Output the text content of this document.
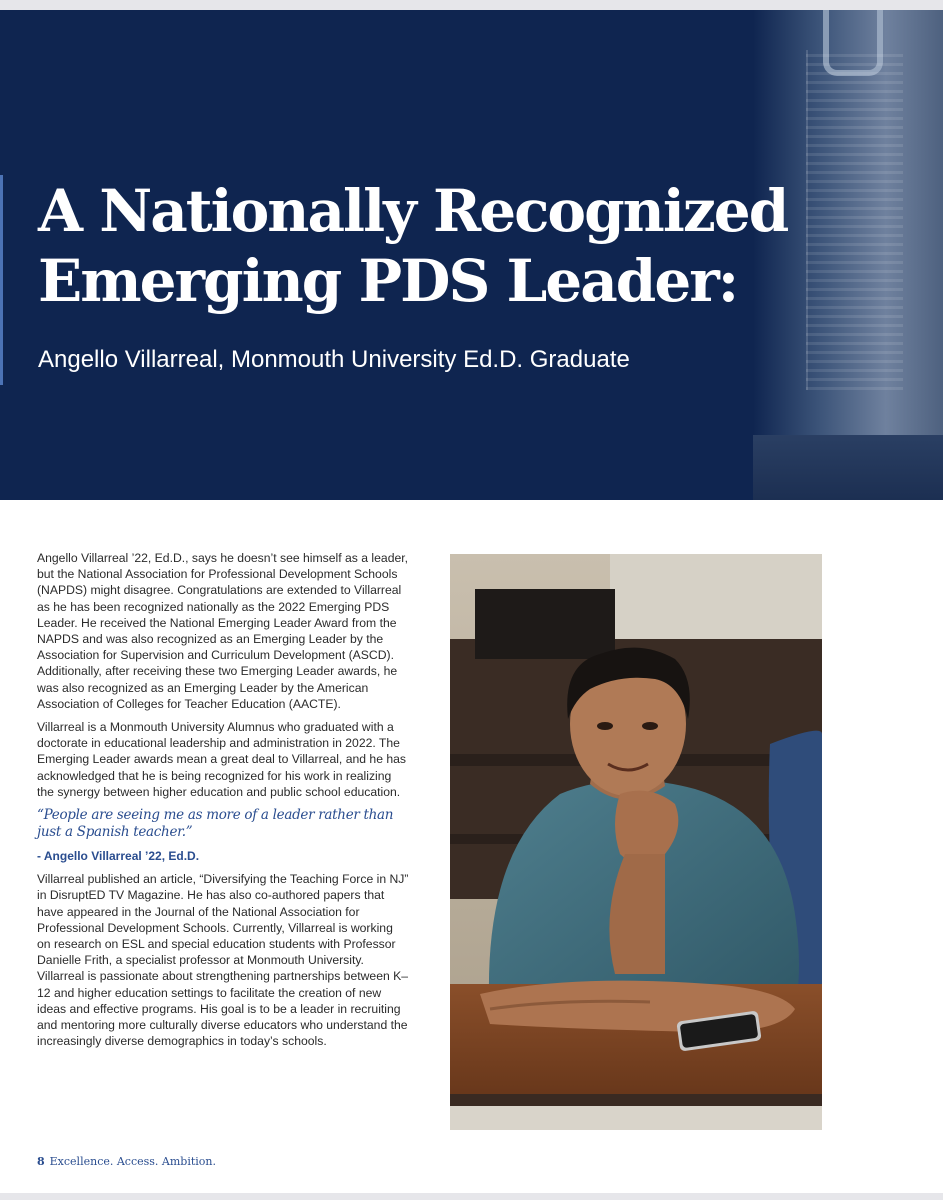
A Nationally Recognized
Emerging PDS Leader:

Angello Villarreal, Monmouth University Ed.D. Graduate

Angello Villarreal ’22, Ed.D., says he doesn’t see himself as a leader, but the National Association for Professional Development Schools (NAPDS) might disagree. Congratulations are extended to Villarreal as he has been recognized nationally as the 2022 Emerging PDS Leader. He received the National Emerging Leader Award from the NAPDS and was also recognized as an Emerging Leader by the Association for Supervision and Curriculum Development (ASCD). Additionally, after receiving these two Emerging Leader awards, he was also recognized as an Emerging Leader by the American Association of Colleges for Teacher Education (AACTE).

Villarreal is a Monmouth University Alumnus who graduated with a doctorate in educational leadership and administration in 2022. The Emerging Leader awards mean a great deal to Villarreal, and he has acknowledged that he is being recognized for his work in realizing the synergy between higher education and public school education.

“People are seeing me as more of a leader rather than just a Spanish teacher.”

- Angello Villarreal ’22, Ed.D.

Villarreal published an article, “Diversifying the Teaching Force in NJ” in DisruptED TV Magazine. He has also co-authored papers that have appeared in the Journal of the National Association for Professional Development Schools. Currently, Villarreal is working on research on ESL and special education students with Professor Danielle Frith, a specialist professor at Monmouth University. Villarreal is passionate about strengthening partnerships between K–12 and higher education settings to facilitate the creation of new ideas and effective programs. His goal is to be a leader in recruiting and mentoring more culturally diverse educators who understand the increasingly diverse demographics in today’s schools.

8 Excellence. Access. Ambition.
